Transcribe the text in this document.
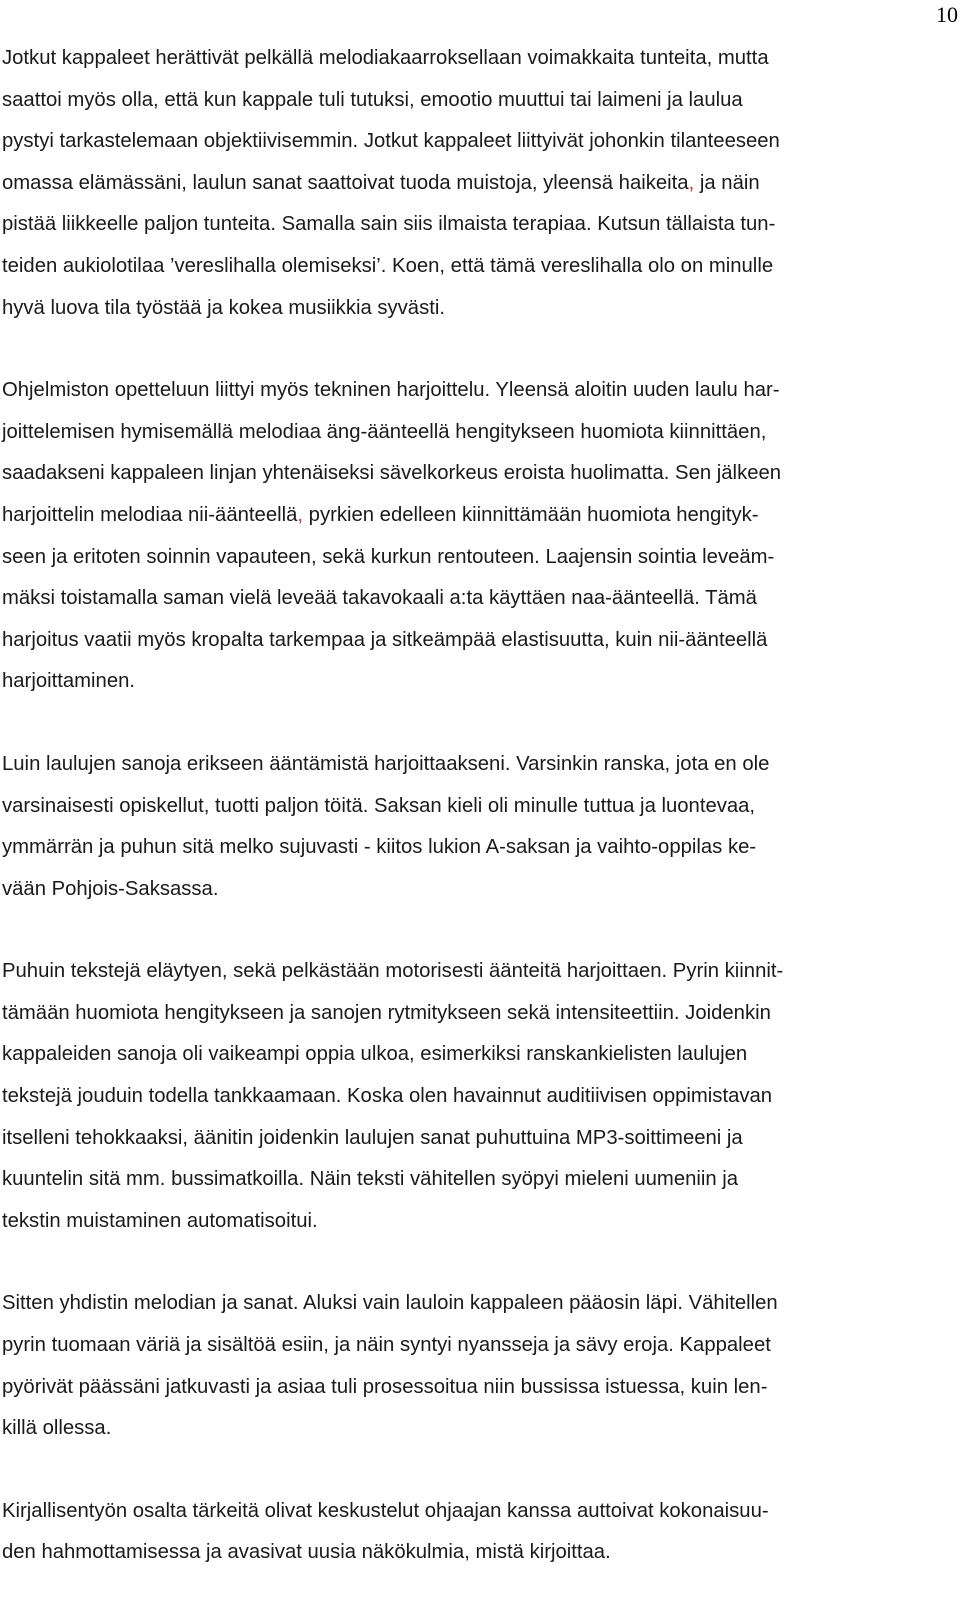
10

Jotkut kappaleet herättivät pelkällä melodiakaarroksellaan voimakkaita tunteita, mutta
saattoi myös olla, että kun kappale tuli tutuksi, emootio muuttui tai laimeni ja laulua
pystyi tarkastelemaan objektiivisemmin. Jotkut kappaleet liittyivät johonkin tilanteeseen
omassa elämässäni, laulun sanat saattoivat tuoda muistoja, yleensä haikeita, ja näin
pistää liikkeelle paljon tunteita. Samalla sain siis ilmaista terapiaa. Kutsun tällaista tun-
teiden aukiolotilaa ’vereslihalla olemiseksi’. Koen, että tämä vereslihalla olo on minulle
hyvä luova tila työstää ja kokea musiikkia syvästi.

Ohjelmiston opetteluun liittyi myös tekninen harjoittelu. Yleensä aloitin uuden laulu har-
joittelemisen hymisemällä melodiaa äng-äänteellä hengitykseen huomiota kiinnittäen,
saadakseni kappaleen linjan yhtenäiseksi sävelkorkeus eroista huolimatta. Sen jälkeen
harjoittelin melodiaa nii-äänteellä, pyrkien edelleen kiinnittämään huomiota hengityk-
seen ja eritoten soinnin vapauteen, sekä kurkun rentouteen. Laajensin sointia leveäm-
mäksi toistamalla saman vielä leveää takavokaali a:ta käyttäen naa-äänteellä. Tämä
harjoitus vaatii myös kropalta tarkempaa ja sitkeämpää elastisuutta, kuin nii-äänteellä
harjoittaminen.

Luin laulujen sanoja erikseen ääntämistä harjoittaakseni. Varsinkin ranska, jota en ole
varsinaisesti opiskellut, tuotti paljon töitä. Saksan kieli oli minulle tuttua ja luontevaa,
ymmärrän ja puhun sitä melko sujuvasti - kiitos lukion A-saksan ja vaihto-oppilas ke-
vään Pohjois-Saksassa.

Puhuin tekstejä eläytyen, sekä pelkästään motorisesti äänteitä harjoittaen. Pyrin kiinnit-
tämään huomiota hengitykseen ja sanojen rytmitykseen sekä intensiteettiin. Joidenkin
kappaleiden sanoja oli vaikeampi oppia ulkoa, esimerkiksi ranskankielisten laulujen
tekstejä jouduin todella tankkaamaan. Koska olen havainnut auditiivisen oppimistavan
itselleni tehokkaaksi, äänitin joidenkin laulujen sanat puhuttuina MP3-soittimeeni ja
kuuntelin sitä mm. bussimatkoilla. Näin teksti vähitellen syöpyi mieleni uumeniin ja
tekstin muistaminen automatisoitui.

Sitten yhdistin melodian ja sanat. Aluksi vain lauloin kappaleen pääosin läpi. Vähitellen
pyrin tuomaan väriä ja sisältöä esiin, ja näin syntyi nyansseja ja sävy eroja. Kappaleet
pyörivät päässäni jatkuvasti ja asiaa tuli prosessoitua niin bussissa istuessa, kuin len-
killä ollessa.

Kirjallisentyön osalta tärkeitä olivat keskustelut ohjaajan kanssa auttoivat kokonaisuu-
den hahmottamisessa ja avasivat uusia näkökulmia, mistä kirjoittaa.
